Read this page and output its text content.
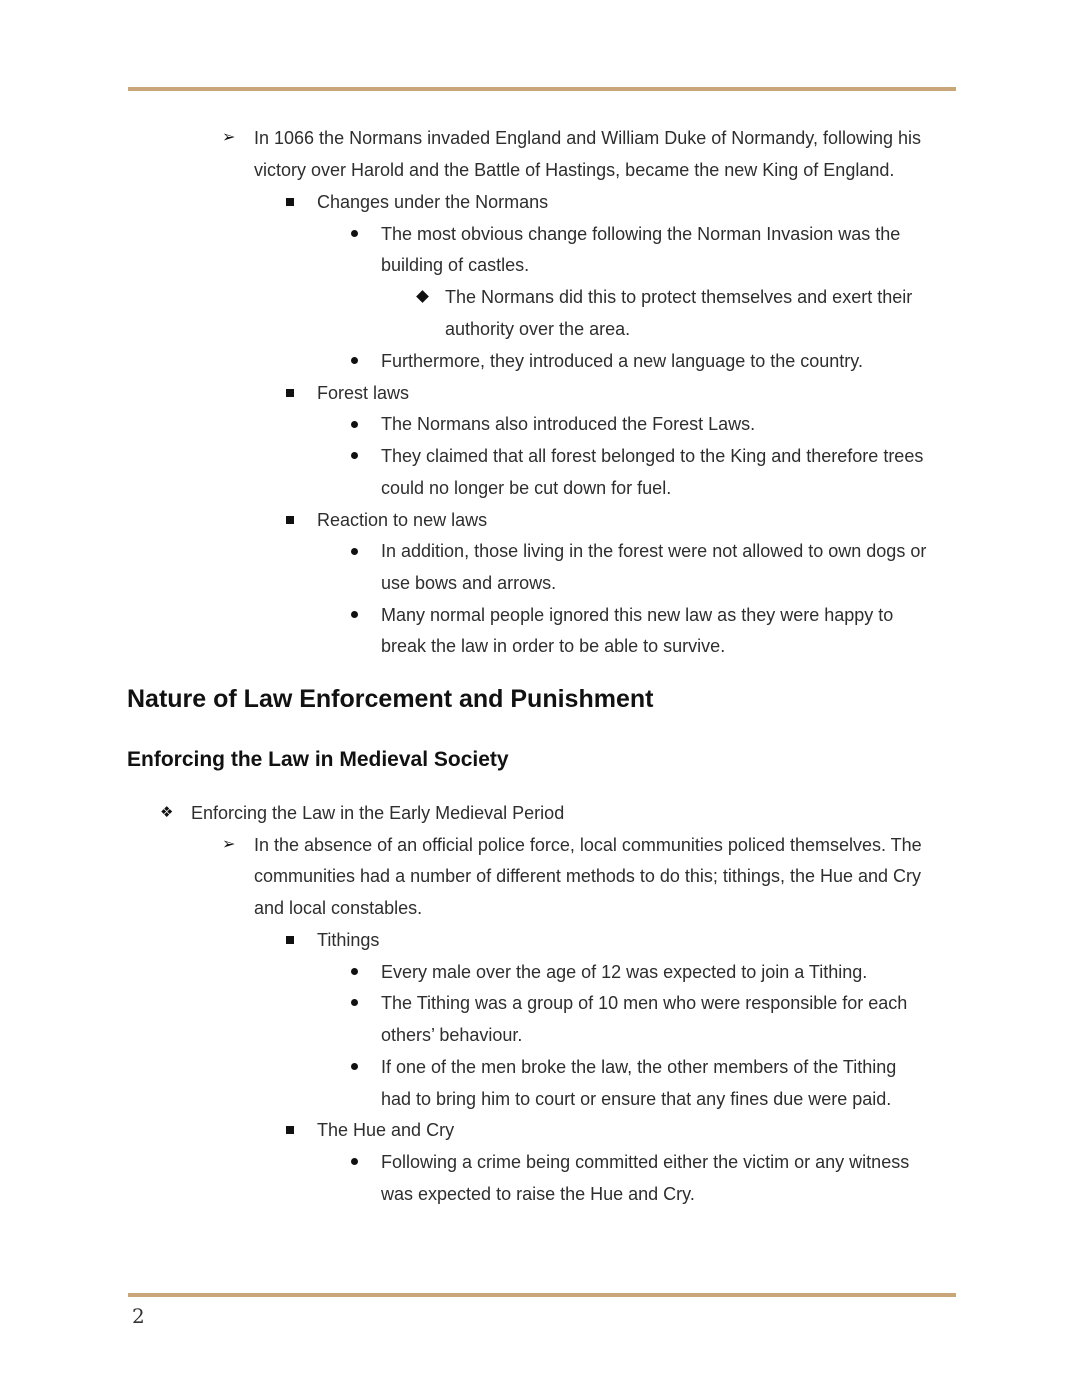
➢ In 1066 the Normans invaded England and William Duke of Normandy, following his
victory over Harold and the Battle of Hastings, became the new King of England.
Changes under the Normans
The most obvious change following the Norman Invasion was the
building of castles.
The Normans did this to protect themselves and exert their
authority over the area.
Furthermore, they introduced a new language to the country.
Forest laws
The Normans also introduced the Forest Laws.
They claimed that all forest belonged to the King and therefore trees
could no longer be cut down for fuel.
Reaction to new laws
In addition, those living in the forest were not allowed to own dogs or
use bows and arrows.
Many normal people ignored this new law as they were happy to
break the law in order to be able to survive.
Nature of Law Enforcement and Punishment
Enforcing the Law in Medieval Society
❖ Enforcing the Law in the Early Medieval Period
➢ In the absence of an official police force, local communities policed themselves. The
communities had a number of different methods to do this; tithings, the Hue and Cry
and local constables.
Tithings
Every male over the age of 12 was expected to join a Tithing.
The Tithing was a group of 10 men who were responsible for each
others’ behaviour.
If one of the men broke the law, the other members of the Tithing
had to bring him to court or ensure that any fines due were paid.
The Hue and Cry
Following a crime being committed either the victim or any witness
was expected to raise the Hue and Cry.
2
